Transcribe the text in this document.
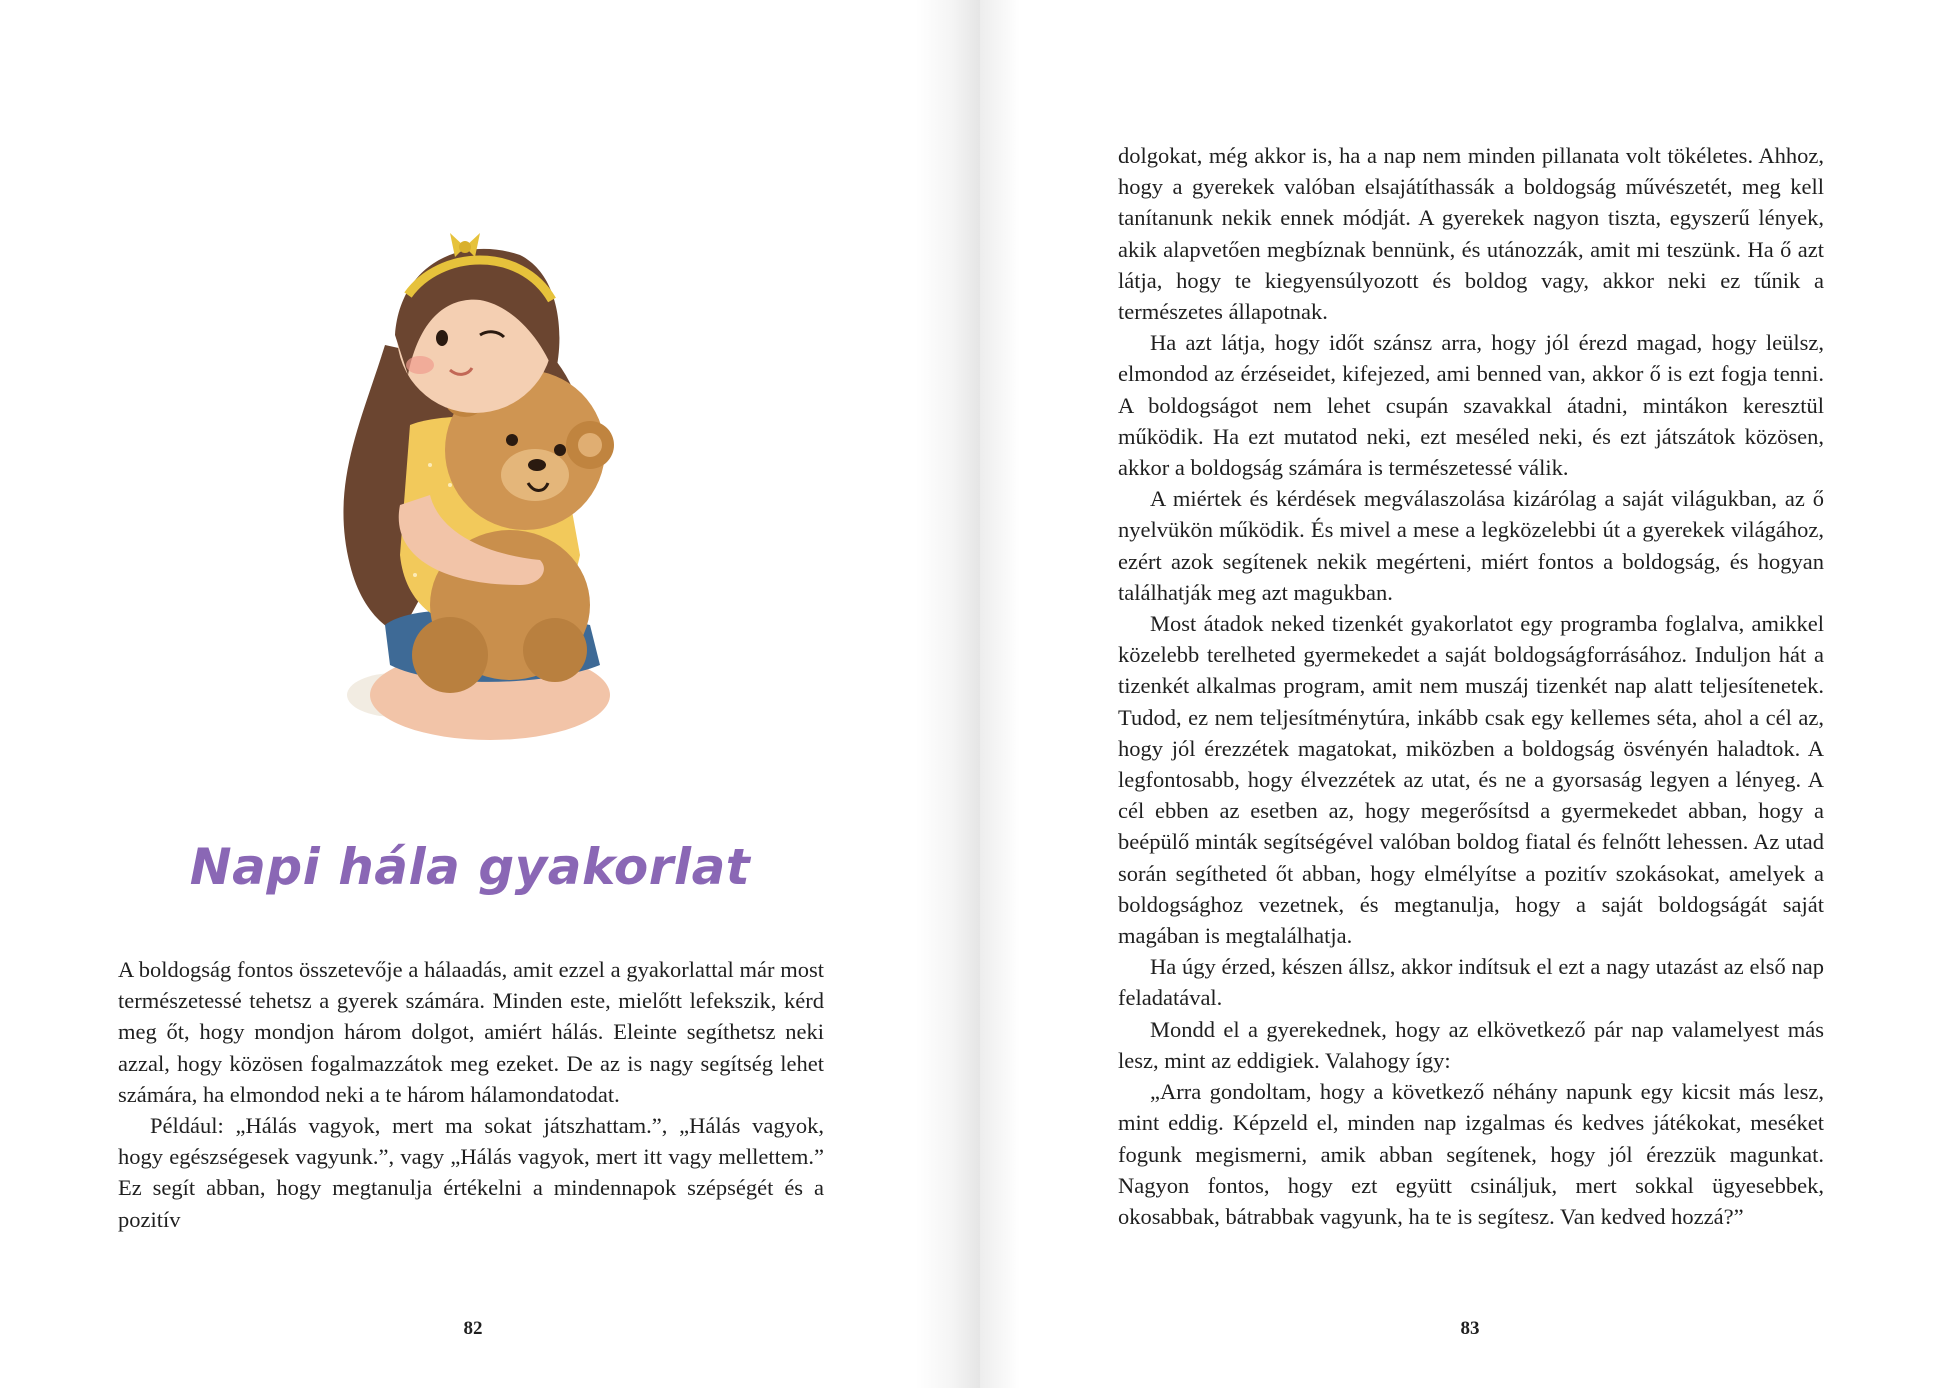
Napi hála gyakorlat

A boldogság fontos összetevője a hálaadás, amit ezzel a gyakorlattal már most természetessé tehetsz a gyerek számára. Minden este, mielőtt lefekszik, kérd meg őt, hogy mondjon három dolgot, amiért hálás. Eleinte segíthetsz neki azzal, hogy közösen fogalmazzátok meg ezeket. De az is nagy segítség lehet számára, ha elmondod neki a te három hálamondatodat.

Például: „Hálás vagyok, mert ma sokat játszhattam.”, „Hálás vagyok, hogy egészségesek vagyunk.”, vagy „Hálás vagyok, mert itt vagy mellettem.” Ez segít abban, hogy megtanulja értékelni a mindennapok szépségét és a pozitív

82

dolgokat, még akkor is, ha a nap nem minden pillanata volt tökéletes. Ahhoz, hogy a gyerekek valóban elsajátíthassák a boldogság művészetét, meg kell tanítanunk nekik ennek módját. A gyerekek nagyon tiszta, egyszerű lények, akik alapvetően megbíznak bennünk, és utánozzák, amit mi teszünk. Ha ő azt látja, hogy te kiegyensúlyozott és boldog vagy, akkor neki ez tűnik a természetes állapotnak.

Ha azt látja, hogy időt szánsz arra, hogy jól érezd magad, hogy leülsz, elmondod az érzéseidet, kifejezed, ami benned van, akkor ő is ezt fogja tenni. A boldogságot nem lehet csupán szavakkal átadni, mintákon keresztül működik. Ha ezt mutatod neki, ezt meséled neki, és ezt játszátok közösen, akkor a boldogság számára is természetessé válik.

A miértek és kérdések megválaszolása kizárólag a saját világukban, az ő nyelvükön működik. És mivel a mese a legközelebbi út a gyerekek világához, ezért azok segítenek nekik megérteni, miért fontos a boldogság, és hogyan találhatják meg azt magukban.

Most átadok neked tizenkét gyakorlatot egy programba foglalva, amikkel közelebb terelheted gyermekedet a saját boldogságforrásához. Induljon hát a tizenkét alkalmas program, amit nem muszáj tizenkét nap alatt teljesítenetek. Tudod, ez nem teljesítménytúra, inkább csak egy kellemes séta, ahol a cél az, hogy jól érezzétek magatokat, miközben a boldogság ösvényén haladtok. A legfontosabb, hogy élvezzétek az utat, és ne a gyorsaság legyen a lényeg. A cél ebben az esetben az, hogy megerősítsd a gyermekedet abban, hogy a beépülő minták segítségével valóban boldog fiatal és felnőtt lehessen. Az utad során segítheted őt abban, hogy elmélyítse a pozitív szokásokat, amelyek a boldogsághoz vezetnek, és megtanulja, hogy a saját boldogságát saját magában is megtalálhatja.

Ha úgy érzed, készen állsz, akkor indítsuk el ezt a nagy utazást az első nap feladatával.

Mondd el a gyerekednek, hogy az elkövetkező pár nap valamelyest más lesz, mint az eddigiek. Valahogy így:

„Arra gondoltam, hogy a következő néhány napunk egy kicsit más lesz, mint eddig. Képzeld el, minden nap izgalmas és kedves játékokat, meséket fogunk megismerni, amik abban segítenek, hogy jól érezzük magunkat. Nagyon fontos, hogy ezt együtt csináljuk, mert sokkal ügyesebbek, okosabbak, bátrabbak vagyunk, ha te is segítesz. Van kedved hozzá?”

83
